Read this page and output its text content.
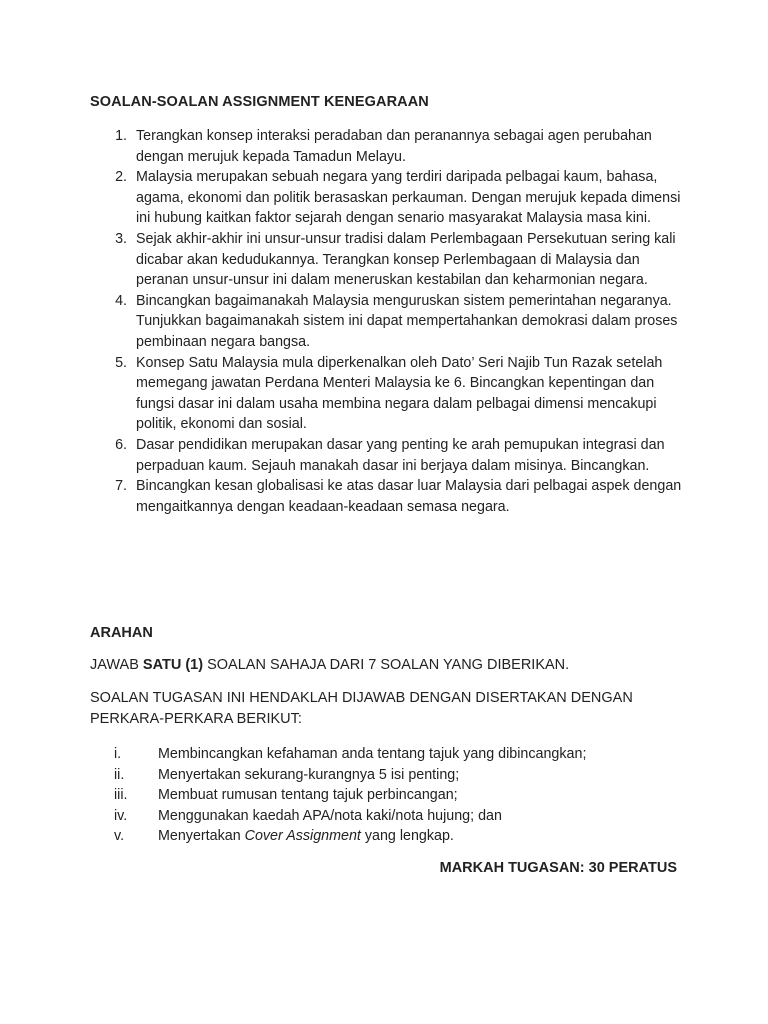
SOALAN-SOALAN ASSIGNMENT KENEGARAAN
1. Terangkan konsep interaksi peradaban dan peranannya sebagai agen perubahan dengan merujuk kepada Tamadun Melayu.
2. Malaysia merupakan sebuah negara yang terdiri daripada pelbagai kaum, bahasa, agama, ekonomi dan politik berasaskan perkauman. Dengan merujuk kepada dimensi ini hubung kaitkan faktor sejarah dengan senario masyarakat Malaysia masa kini.
3. Sejak akhir-akhir ini unsur-unsur tradisi dalam Perlembagaan Persekutuan sering kali dicabar akan kedudukannya. Terangkan konsep Perlembagaan di Malaysia dan peranan unsur-unsur ini dalam meneruskan kestabilan dan keharmonian negara.
4. Bincangkan bagaimanakah Malaysia menguruskan sistem pemerintahan negaranya. Tunjukkan bagaimanakah sistem ini dapat mempertahankan demokrasi dalam proses pembinaan negara bangsa.
5. Konsep Satu Malaysia mula diperkenalkan oleh Dato’ Seri Najib Tun Razak setelah memegang jawatan Perdana Menteri Malaysia ke 6. Bincangkan kepentingan dan fungsi dasar ini dalam usaha membina negara dalam pelbagai dimensi mencakupi politik, ekonomi dan sosial.
6. Dasar pendidikan merupakan dasar yang penting ke arah pemupukan integrasi dan perpaduan kaum. Sejauh manakah dasar ini berjaya dalam misinya. Bincangkan.
7. Bincangkan kesan globalisasi ke atas dasar luar Malaysia dari pelbagai aspek dengan mengaitkannya dengan keadaan-keadaan semasa negara.
ARAHAN
JAWAB SATU (1) SOALAN SAHAJA DARI 7 SOALAN YANG DIBERIKAN.
SOALAN TUGASAN INI HENDAKLAH DIJAWAB DENGAN DISERTAKAN DENGAN
PERKARA-PERKARA BERIKUT:
i.	Membincangkan kefahaman anda tentang tajuk yang dibincangkan;
ii. Menyertakan sekurang-kurangnya 5 isi penting;
iii. Membuat rumusan tentang tajuk perbincangan;
iv. Menggunakan kaedah APA/nota kaki/nota hujung; dan
v. Menyertakan Cover Assignment yang lengkap.
MARKAH TUGASAN: 30 PERATUS
